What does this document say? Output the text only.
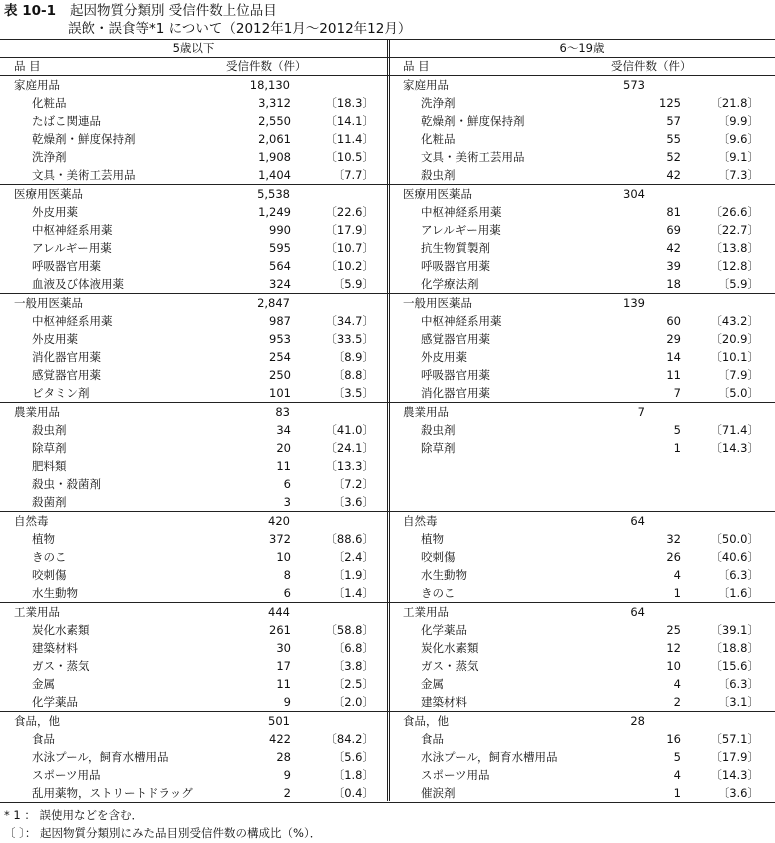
表 10-1 起因物質分類別 受信件数上位品目
誤飲・誤食等*1 について（2012年1月～2012年12月）
5歳以下	6～19歳
品 目	受信件数（件）	品 目	受信件数（件）
家庭用品	18,130	家庭用品	573
化粧品	3,312	〔18.3〕	洗浄剤	125	〔21.8〕
たばこ関連品	2,550	〔14.1〕	乾燥剤・鮮度保持剤	57	〔9.9〕
乾燥剤・鮮度保持剤	2,061	〔11.4〕	化粧品	55	〔9.6〕
洗浄剤	1,908	〔10.5〕	文具・美術工芸用品	52	〔9.1〕
文具・美術工芸用品	1,404	〔7.7〕	殺虫剤	42	〔7.3〕
医療用医薬品	5,538	医療用医薬品	304
外皮用薬	1,249	〔22.6〕	中枢神経系用薬	81	〔26.6〕
中枢神経系用薬	990	〔17.9〕	アレルギー用薬	69	〔22.7〕
アレルギー用薬	595	〔10.7〕	抗生物質製剤	42	〔13.8〕
呼吸器官用薬	564	〔10.2〕	呼吸器官用薬	39	〔12.8〕
血液及び体液用薬	324	〔5.9〕	化学療法剤	18	〔5.9〕
一般用医薬品	2,847	一般用医薬品	139
中枢神経系用薬	987	〔34.7〕	中枢神経系用薬	60	〔43.2〕
外皮用薬	953	〔33.5〕	感覚器官用薬	29	〔20.9〕
消化器官用薬	254	〔8.9〕	外皮用薬	14	〔10.1〕
感覚器官用薬	250	〔8.8〕	呼吸器官用薬	11	〔7.9〕
ビタミン剤	101	〔3.5〕	消化器官用薬	7	〔5.0〕
農業用品	83	農業用品	7
殺虫剤	34	〔41.0〕	殺虫剤	5	〔71.4〕
除草剤	20	〔24.1〕	除草剤	1	〔14.3〕
肥料類	11	〔13.3〕
殺虫・殺菌剤	6	〔7.2〕
殺菌剤	3	〔3.6〕
自然毒	420	自然毒	64
植物	372	〔88.6〕	植物	32	〔50.0〕
きのこ	10	〔2.4〕	咬刺傷	26	〔40.6〕
咬刺傷	8	〔1.9〕	水生動物	4	〔6.3〕
水生動物	6	〔1.4〕	きのこ	1	〔1.6〕
工業用品	444	工業用品	64
炭化水素類	261	〔58.8〕	化学薬品	25	〔39.1〕
建築材料	30	〔6.8〕	炭化水素類	12	〔18.8〕
ガス・蒸気	17	〔3.8〕	ガス・蒸気	10	〔15.6〕
金属	11	〔2.5〕	金属	4	〔6.3〕
化学薬品	9	〔2.0〕	建築材料	2	〔3.1〕
食品，他	501	食品，他	28
食品	422	〔84.2〕	食品	16	〔57.1〕
水泳プール，飼育水槽用品	28	〔5.6〕	水泳プール，飼育水槽用品	5	〔17.9〕
スポーツ用品	9	〔1.8〕	スポーツ用品	4	〔14.3〕
乱用薬物，ストリートドラッグ	2	〔0.4〕	催涙剤	1	〔3.6〕
* 1 ： 誤使用などを含む．
〔 〕： 起因物質分類別にみた品目別受信件数の構成比（%）．
